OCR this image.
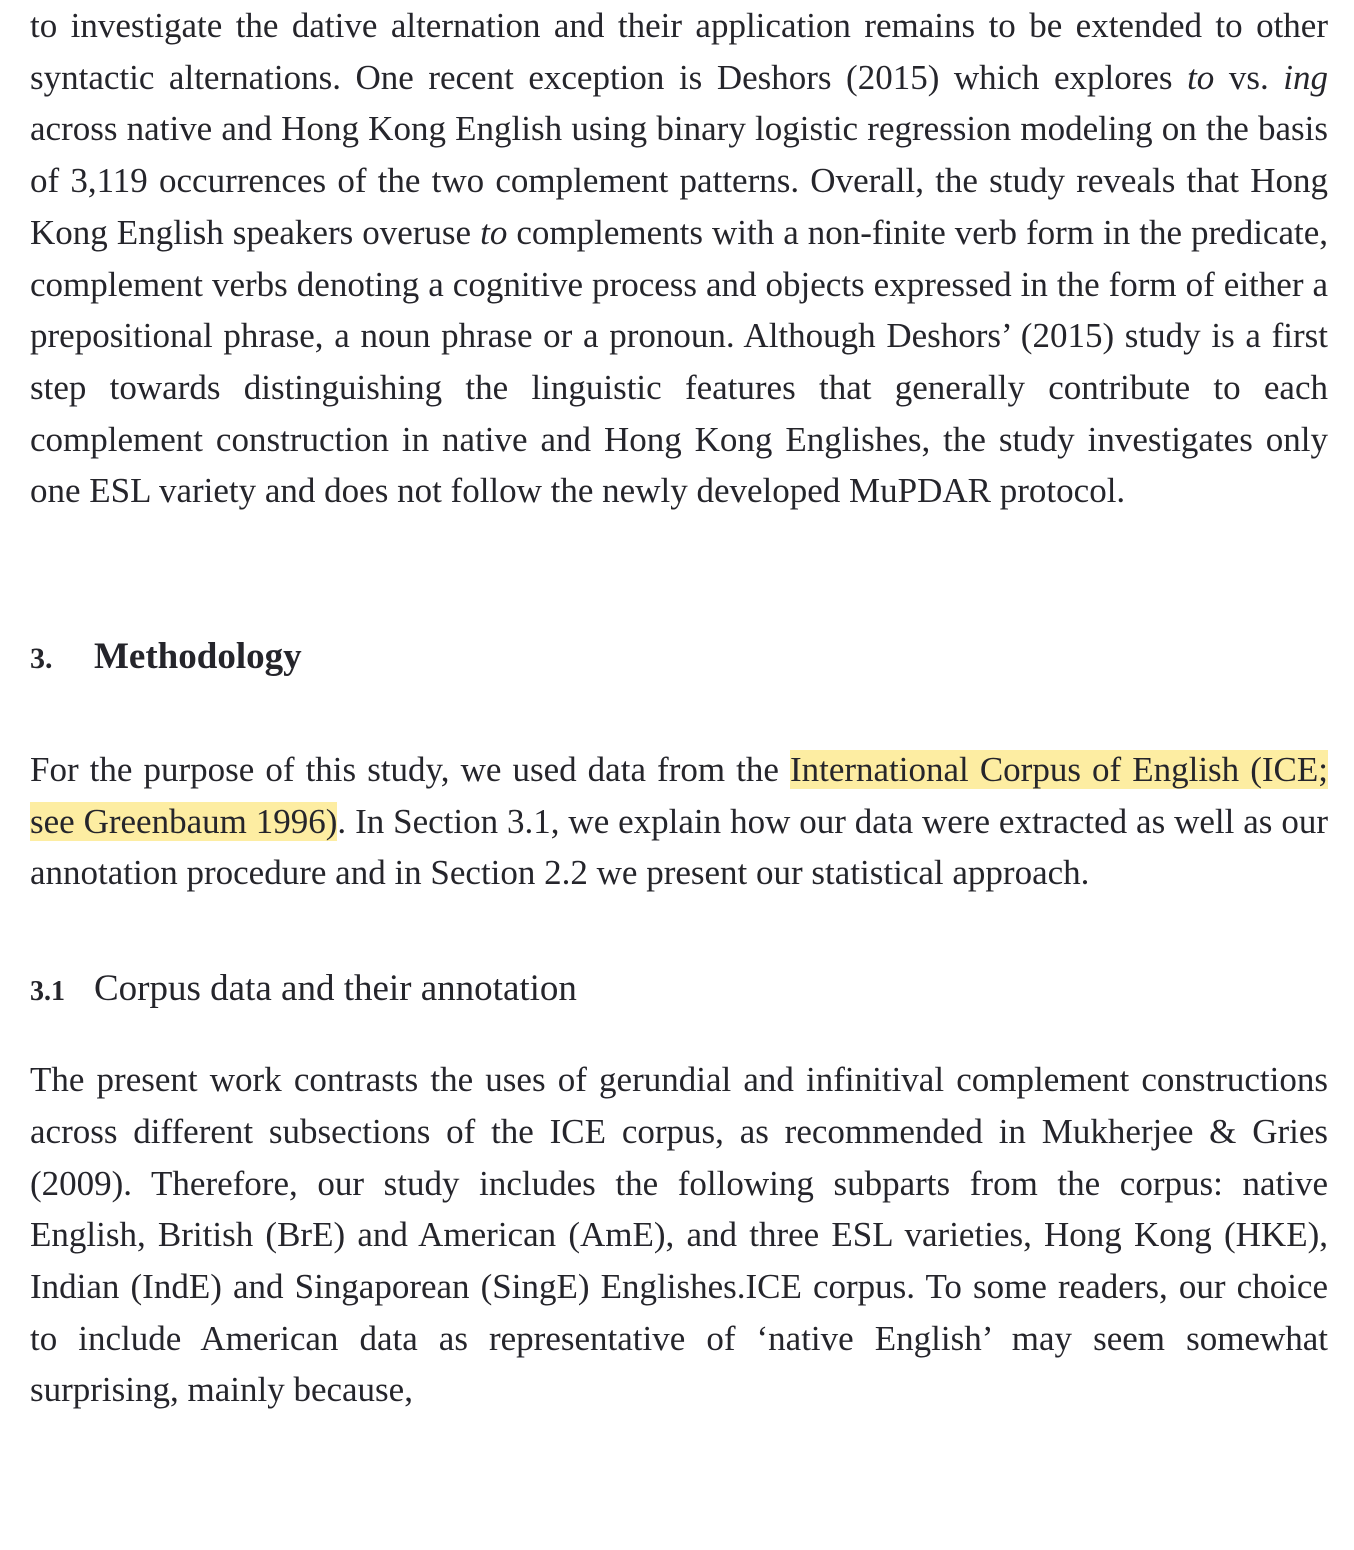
to investigate the dative alternation and their application remains to be extended to other syntactic alternations. One recent exception is Deshors (2015) which explores to vs. ing across native and Hong Kong English using binary logistic regression modeling on the basis of 3,119 occurrences of the two complement patterns. Overall, the study reveals that Hong Kong English speakers overuse to complements with a non-finite verb form in the predicate, complement verbs denoting a cognitive process and objects expressed in the form of either a prepositional phrase, a noun phrase or a pronoun. Although Deshors’ (2015) study is a first step towards distinguishing the linguistic features that generally contribute to each complement construction in native and Hong Kong Englishes, the study investigates only one ESL variety and does not follow the newly developed MuPDAR protocol.

3. Methodology

For the purpose of this study, we used data from the International Corpus of English (ICE; see Greenbaum 1996). In Section 3.1, we explain how our data were extracted as well as our annotation procedure and in Section 2.2 we present our statistical approach.

3.1 Corpus data and their annotation

The present work contrasts the uses of gerundial and infinitival complement constructions across different subsections of the ICE corpus, as recommended in Mukherjee & Gries (2009). Therefore, our study includes the following subparts from the corpus: native English, British (BrE) and American (AmE), and three ESL varieties, Hong Kong (HKE), Indian (IndE) and Singaporean (SingE) Englishes.ICE corpus. To some readers, our choice to include American data as representative of ‘native English’ may seem somewhat surprising, mainly because,
